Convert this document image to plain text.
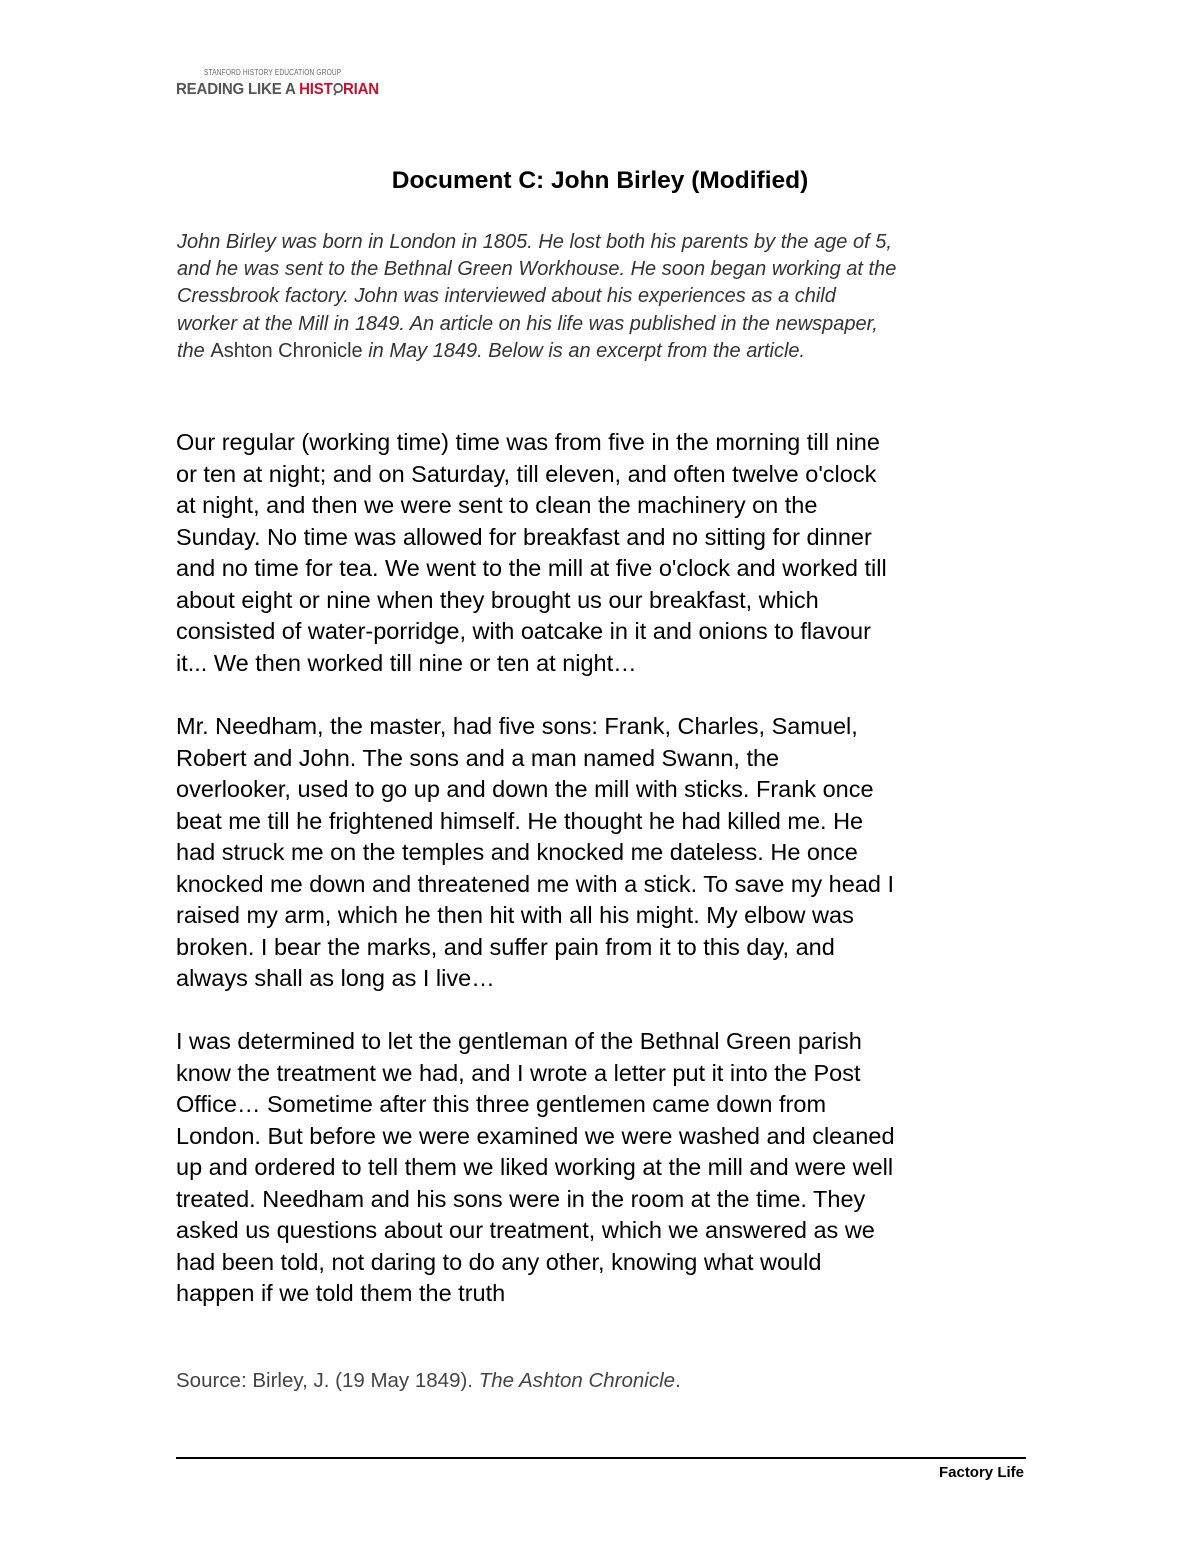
STANFORD HISTORY EDUCATION GROUP
READING LIKE A HIST RIAN
Document C: John Birley (Modified)
John Birley was born in London in 1805. He lost both his parents by the age of 5,
and he was sent to the Bethnal Green Workhouse. He soon began working at the
Cressbrook factory. John was interviewed about his experiences as a child
worker at the Mill in 1849. An article on his life was published in the newspaper,
the Ashton Chronicle in May 1849. Below is an excerpt from the article.
Our regular (working time) time was from five in the morning till nine
or ten at night; and on Saturday, till eleven, and often twelve o'clock
at night, and then we were sent to clean the machinery on the
Sunday. No time was allowed for breakfast and no sitting for dinner
and no time for tea. We went to the mill at five o'clock and worked till
about eight or nine when they brought us our breakfast, which
consisted of water-porridge, with oatcake in it and onions to flavour
it... We then worked till nine or ten at night…
Mr. Needham, the master, had five sons: Frank, Charles, Samuel,
Robert and John. The sons and a man named Swann, the
overlooker, used to go up and down the mill with sticks. Frank once
beat me till he frightened himself. He thought he had killed me. He
had struck me on the temples and knocked me dateless. He once
knocked me down and threatened me with a stick. To save my head I
raised my arm, which he then hit with all his might. My elbow was
broken. I bear the marks, and suffer pain from it to this day, and
always shall as long as I live…
I was determined to let the gentleman of the Bethnal Green parish
know the treatment we had, and I wrote a letter put it into the Post
Office… Sometime after this three gentlemen came down from
London. But before we were examined we were washed and cleaned
up and ordered to tell them we liked working at the mill and were well
treated. Needham and his sons were in the room at the time. They
asked us questions about our treatment, which we answered as we
had been told, not daring to do any other, knowing what would
happen if we told them the truth
Source: Birley, J. (19 May 1849). The Ashton Chronicle.
Factory Life
